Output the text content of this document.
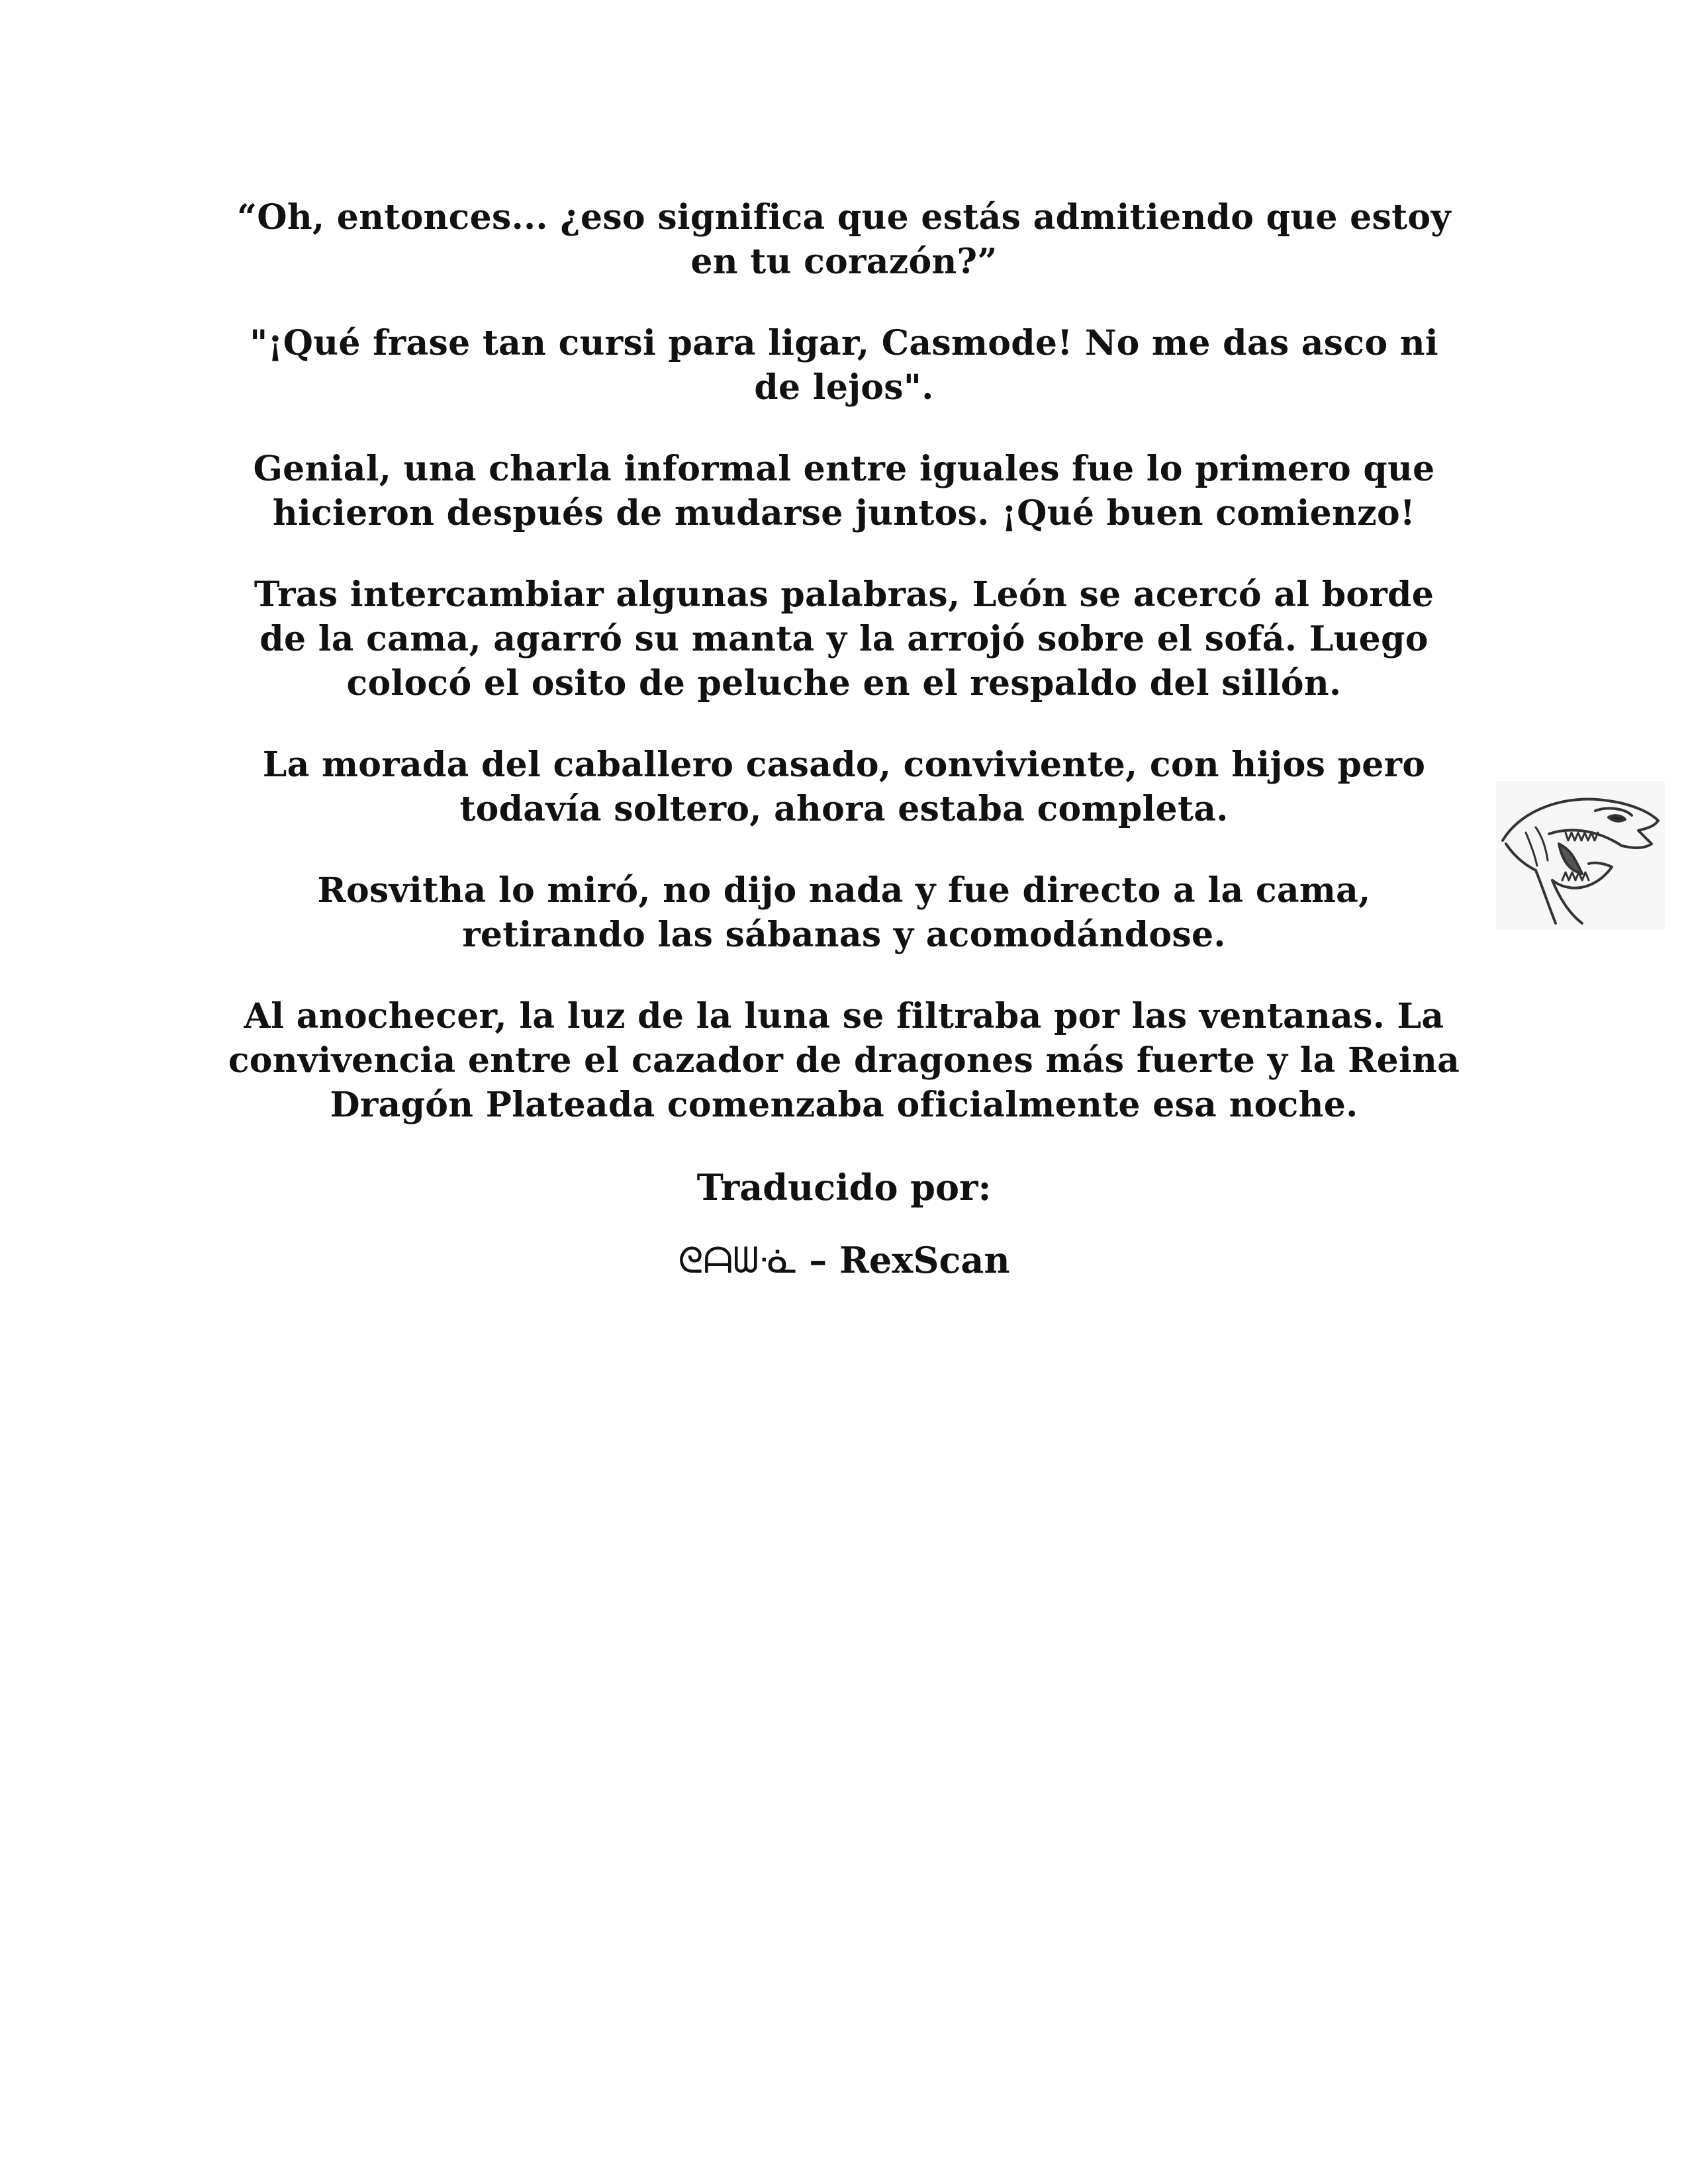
“Oh, entonces... ¿eso significa que estás admitiendo que estoy en tu corazón?”

"¡Qué frase tan cursi para ligar, Casmode! No me das asco ni de lejos".

Genial, una charla informal entre iguales fue lo primero que hicieron después de mudarse juntos. ¡Qué buen comienzo!

Tras intercambiar algunas palabras, León se acercó al borde de la cama, agarró su manta y la arrojó sobre el sofá. Luego colocó el osito de peluche en el respaldo del sillón.

La morada del caballero casado, conviviente, con hijos pero todavía soltero, ahora estaba completa.

Rosvitha lo miró, no dijo nada y fue directo a la cama, retirando las sábanas y acomodándose.

Al anochecer, la luz de la luna se filtraba por las ventanas. La convivencia entre el cazador de dragones más fuerte y la Reina Dragón Plateada comenzaba oficialmente esa noche.

Traducido por:

ᘓᗩᗯᓍ – RexScan
